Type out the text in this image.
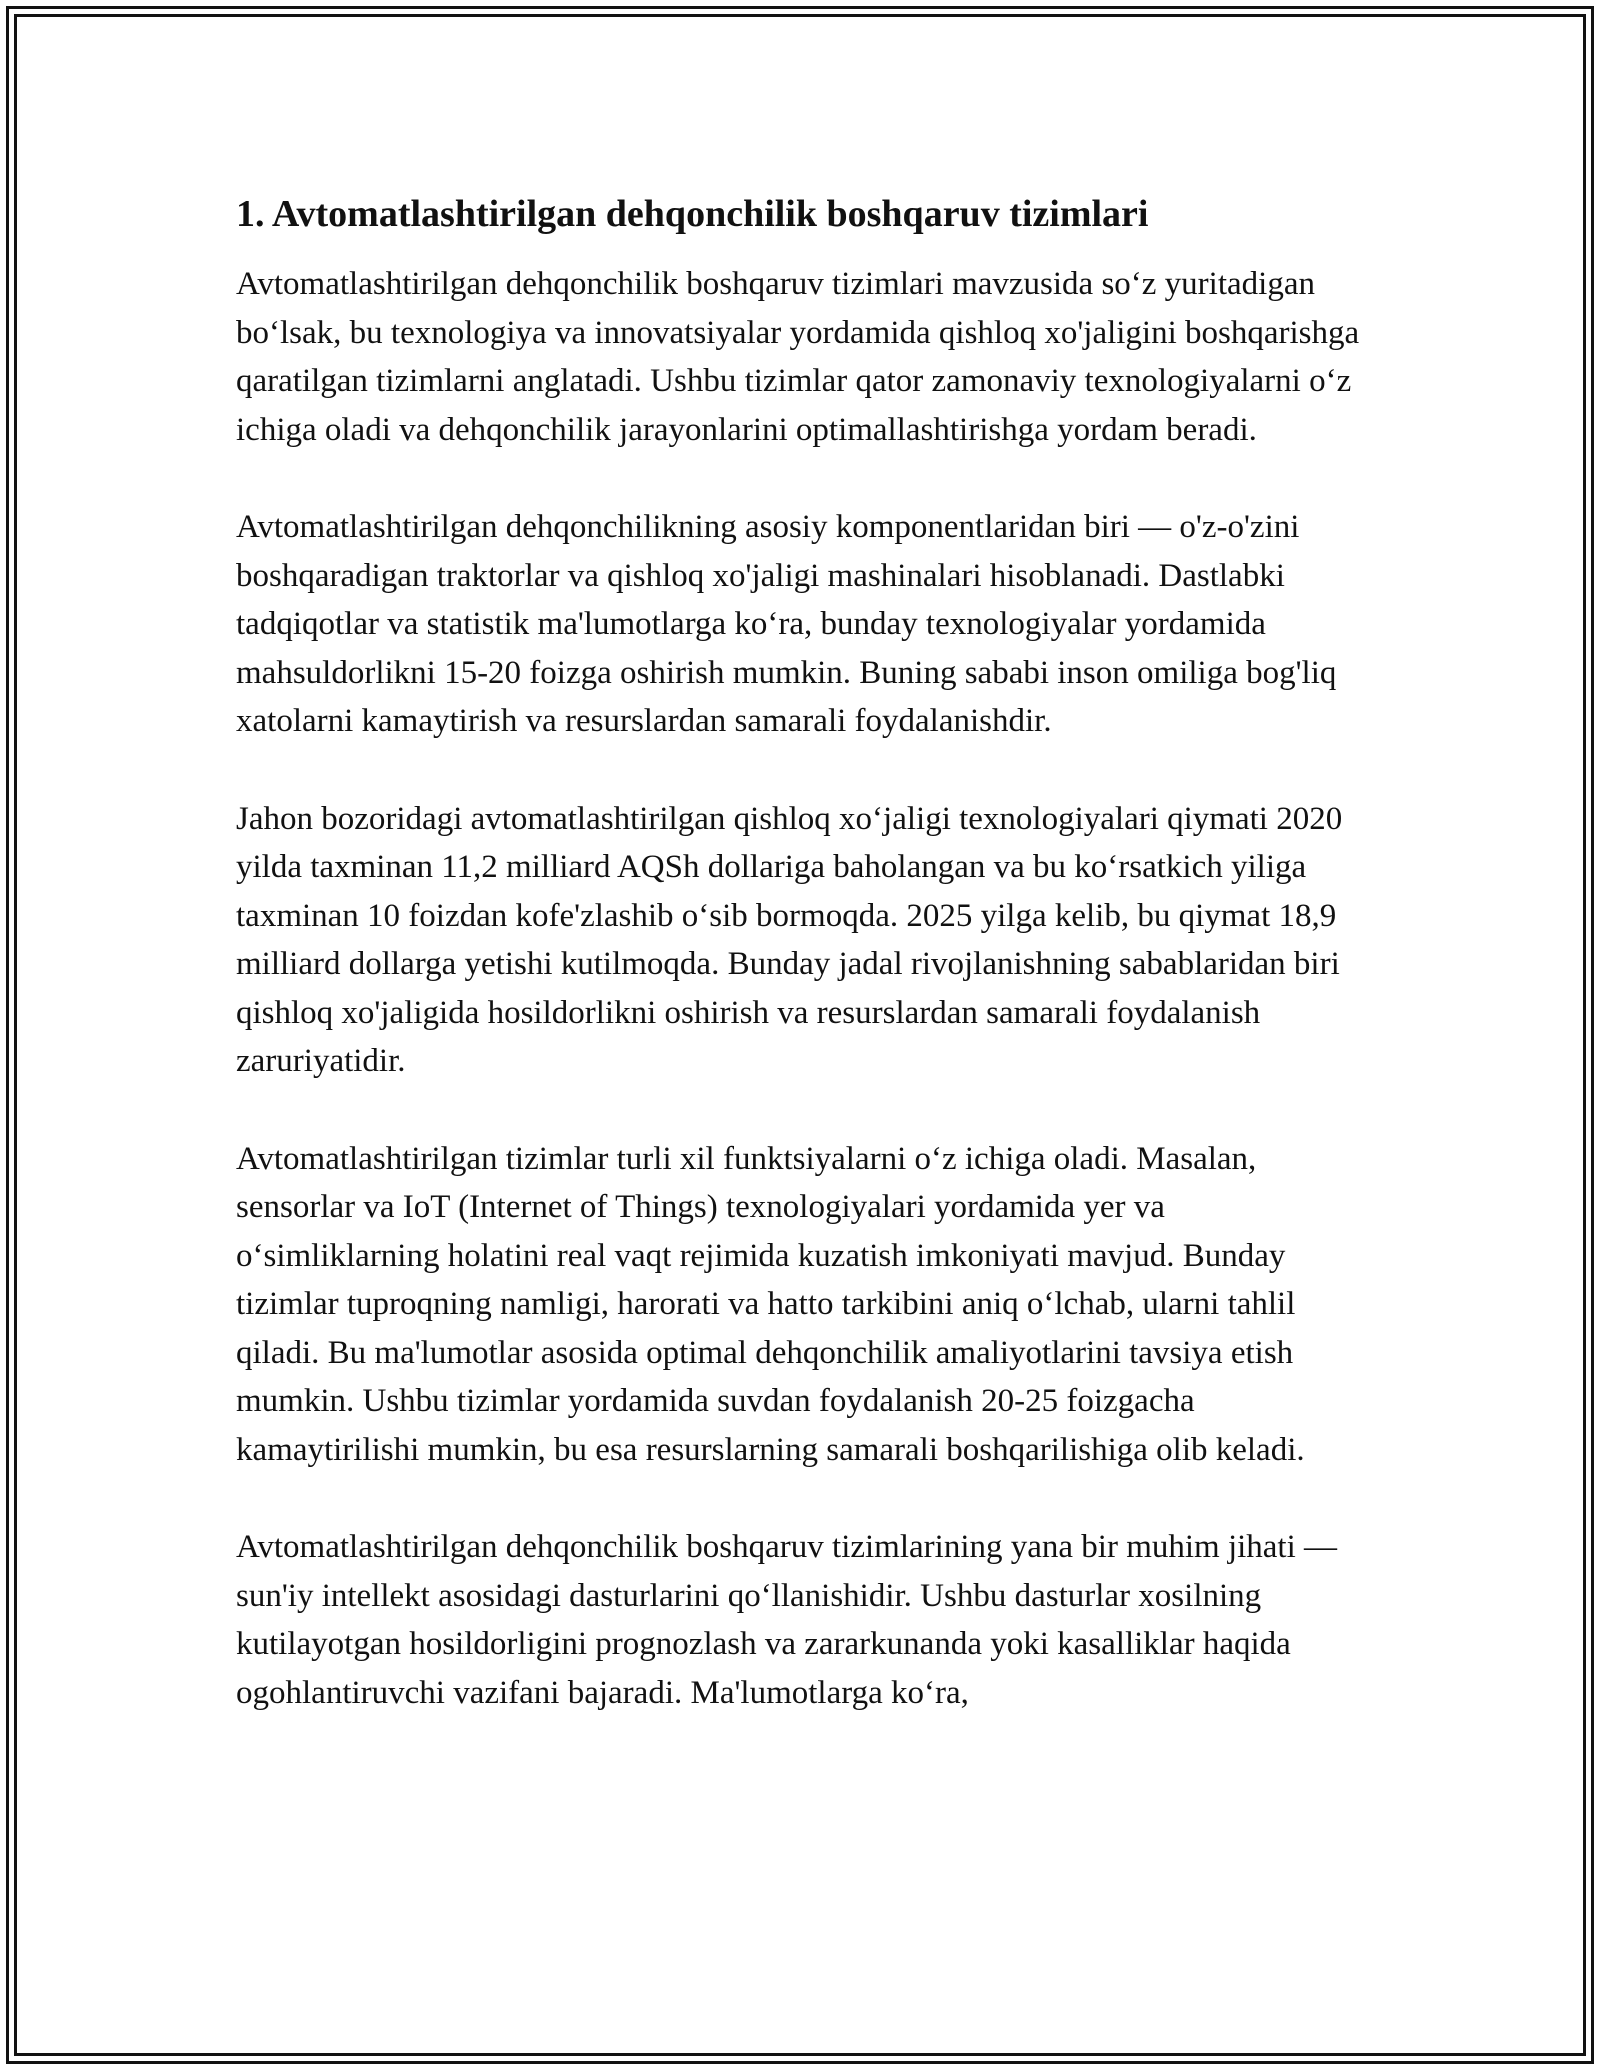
1. Avtomatlashtirilgan dehqonchilik boshqaruv tizimlari

Avtomatlashtirilgan dehqonchilik boshqaruv tizimlari mavzusida so‘z yuritadigan bo‘lsak, bu texnologiya va innovatsiyalar yordamida qishloq xo'jaligini boshqarishga qaratilgan tizimlarni anglatadi. Ushbu tizimlar qator zamonaviy texnologiyalarni o‘z ichiga oladi va dehqonchilik jarayonlarini optimallashtirishga yordam beradi.

Avtomatlashtirilgan dehqonchilikning asosiy komponentlaridan biri — o'z-o'zini boshqaradigan traktorlar va qishloq xo'jaligi mashinalari hisoblanadi. Dastlabki tadqiqotlar va statistik ma'lumotlarga ko‘ra, bunday texnologiyalar yordamida mahsuldorlikni 15-20 foizga oshirish mumkin. Buning sababi inson omiliga bog'liq xatolarni kamaytirish va resurslardan samarali foydalanishdir.

Jahon bozoridagi avtomatlashtirilgan qishloq xo‘jaligi texnologiyalari qiymati 2020 yilda taxminan 11,2 milliard AQSh dollariga baholangan va bu ko‘rsatkich yiliga taxminan 10 foizdan kofe'zlashib o‘sib bormoqda. 2025 yilga kelib, bu qiymat 18,9 milliard dollarga yetishi kutilmoqda. Bunday jadal rivojlanishning sabablaridan biri qishloq xo'jaligida hosildorlikni oshirish va resurslardan samarali foydalanish zaruriyatidir.

Avtomatlashtirilgan tizimlar turli xil funktsiyalarni o‘z ichiga oladi. Masalan, sensorlar va IoT (Internet of Things) texnologiyalari yordamida yer va o‘simliklarning holatini real vaqt rejimida kuzatish imkoniyati mavjud. Bunday tizimlar tuproqning namligi, harorati va hatto tarkibini aniq o‘lchab, ularni tahlil qiladi. Bu ma'lumotlar asosida optimal dehqonchilik amaliyotlarini tavsiya etish mumkin. Ushbu tizimlar yordamida suvdan foydalanish 20-25 foizgacha kamaytirilishi mumkin, bu esa resurslarning samarali boshqarilishiga olib keladi.

Avtomatlashtirilgan dehqonchilik boshqaruv tizimlarining yana bir muhim jihati — sun'iy intellekt asosidagi dasturlarini qo‘llanishidir. Ushbu dasturlar xosilning kutilayotgan hosildorligini prognozlash va zararkunanda yoki kasalliklar haqida ogohlantiruvchi vazifani bajaradi. Ma'lumotlarga ko‘ra,
